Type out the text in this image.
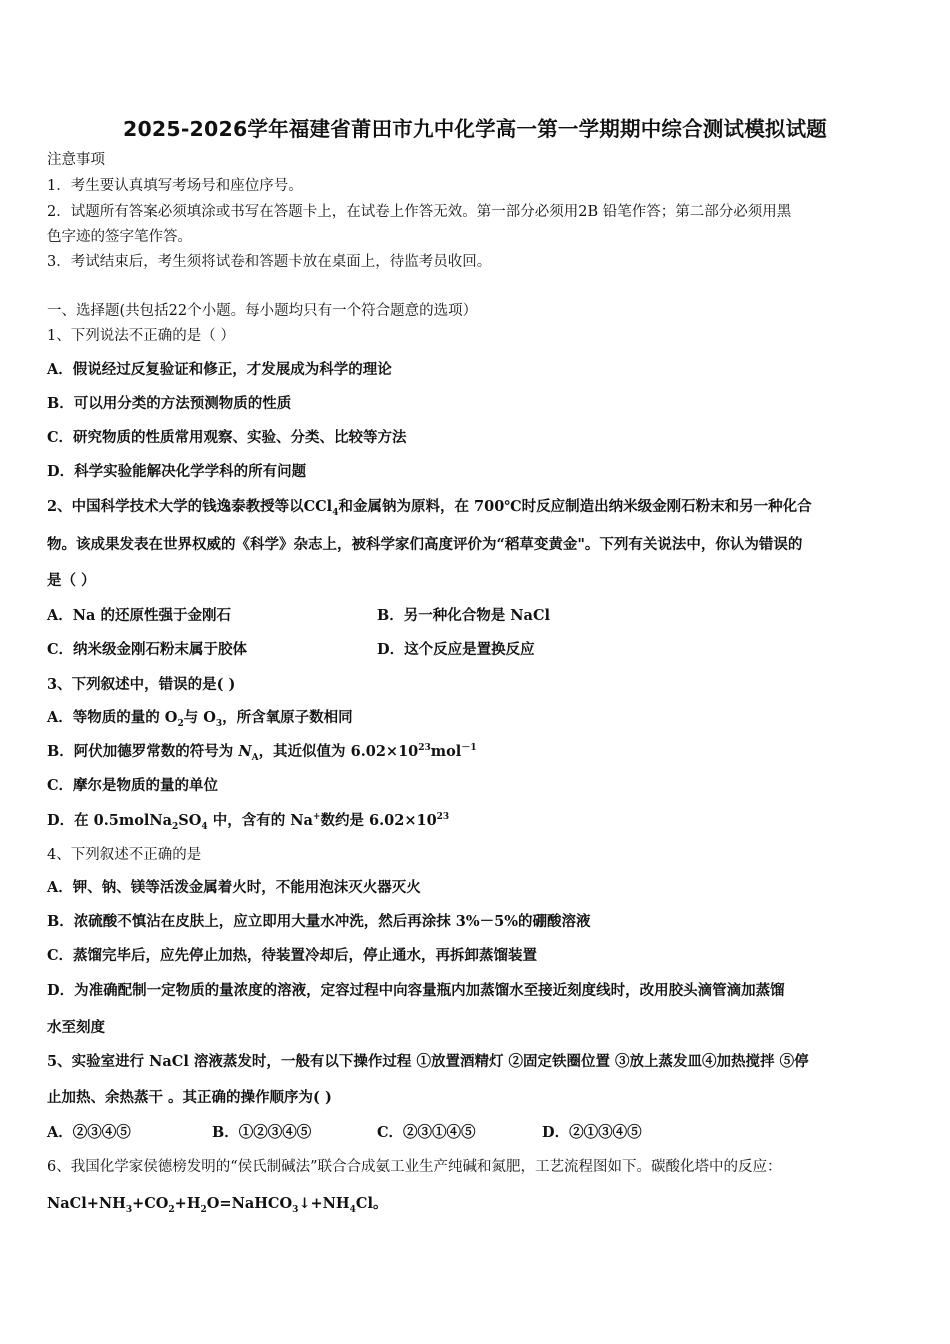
2025-2026学年福建省莆田市九中化学高一第一学期期中综合测试模拟试题
注意事项
1．考生要认真填写考场号和座位序号。
2．试题所有答案必须填涂或书写在答题卡上，在试卷上作答无效。第一部分必须用2B 铅笔作答；第二部分必须用黑
色字迹的签字笔作答。
3．考试结束后，考生须将试卷和答题卡放在桌面上，待监考员收回。
一、选择题(共包括22个小题。每小题均只有一个符合题意的选项）
1、下列说法不正确的是（ ）
A．假说经过反复验证和修正，才发展成为科学的理论
B．可以用分类的方法预测物质的性质
C．研究物质的性质常用观察、实验、分类、比较等方法
D．科学实验能解决化学学科的所有问题
2、中国科学技术大学的钱逸泰教授等以CCl$_4$和金属钠为原料，在 700℃时反应制造出纳米级金刚石粉末和另一种化合
物。该成果发表在世界权威的《科学》杂志上，被科学家们高度评价为“稻草变黄金"。下列有关说法中，你认为错误的
是（ ）
A．Na 的还原性强于金刚石	B．另一种化合物是 NaCl
C．纳米级金刚石粉末属于胶体	D．这个反应是置换反应
3、下列叙述中，错误的是( )
A．等物质的量的 $O_2$与 $O_3$，所含氧原子数相同
B．阿伏加德罗常数的符号为 $N_A$，其近似值为 $6.02\times 10^{23}mol^{-1}$
C．摩尔是物质的量的单位
D．在 $0.5molNa_2SO_4$ 中，含有的 Na+数约是 $6.02\times 10^{23}$
4、下列叙述不正确的是
A．钾、钠、镁等活泼金属着火时，不能用泡沫灭火器灭火
B．浓硫酸不慎沾在皮肤上，应立即用大量水冲洗，然后再涂抹 3%－5%的硼酸溶液
C．蒸馏完毕后，应先停止加热，待装置冷却后，停止通水，再拆卸蒸馏装置
D．为准确配制一定物质的量浓度的溶液，定容过程中向容量瓶内加蒸馏水至接近刻度线时，改用胶头滴管滴加蒸馏
水至刻度
5、实验室进行 NaCl 溶液蒸发时，一般有以下操作过程 ①放置酒精灯 ②固定铁圈位置 ③放上蒸发皿④加热搅拌 ⑤停
止加热、余热蒸干 。其正确的操作顺序为( )
A．②③④⑤	B．①②③④⑤	C．②③①④⑤	D．②①③④⑤
6、我国化学家侯德榜发明的“侯氏制碱法”联合合成氨工业生产纯碱和氮肥，工艺流程图如下。碳酸化塔中的反应：
$NaCl+NH_3+CO_2+H_2O=NaHCO_3↓+NH_4Cl$。
